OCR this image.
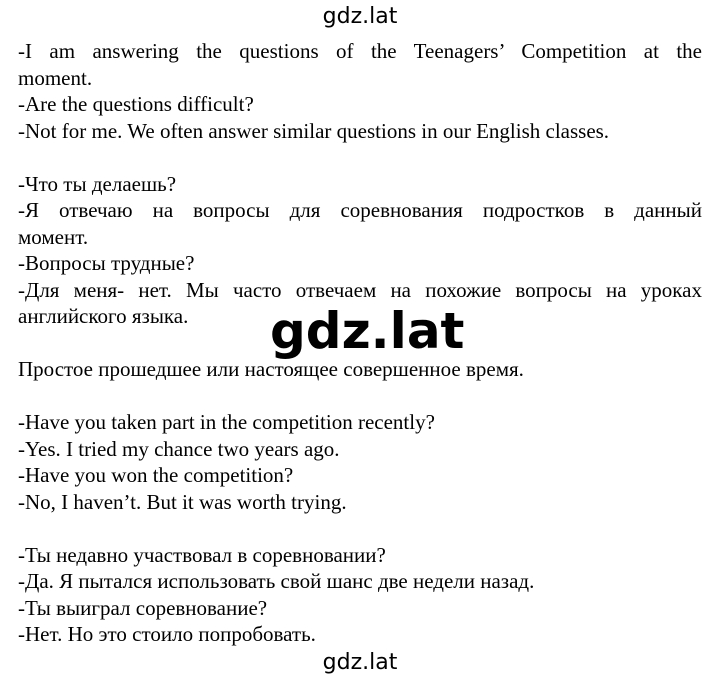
gdz.lat
-I am answering the questions of the Teenagers’ Competition at the
moment.
-Are the questions difficult?
-Not for me. We often answer similar questions in our English classes.
-Что ты делаешь?
-Я отвечаю на вопросы для соревнования подростков в данный
момент.
-Вопросы трудные?
-Для меня- нет. Мы часто отвечаем на похожие вопросы на уроках
английского языка.
Простое прошедшее или настоящее совершенное время.
-Have you taken part in the competition recently?
-Yes. I tried my chance two years ago.
-Have you won the competition?
-No, I haven’t. But it was worth trying.
-Ты недавно участвовал в соревновании?
-Да. Я пытался использовать свой шанс две недели назад.
-Ты выиграл соревнование?
-Нет. Но это стоило попробовать.
gdz.lat
gdz.lat
